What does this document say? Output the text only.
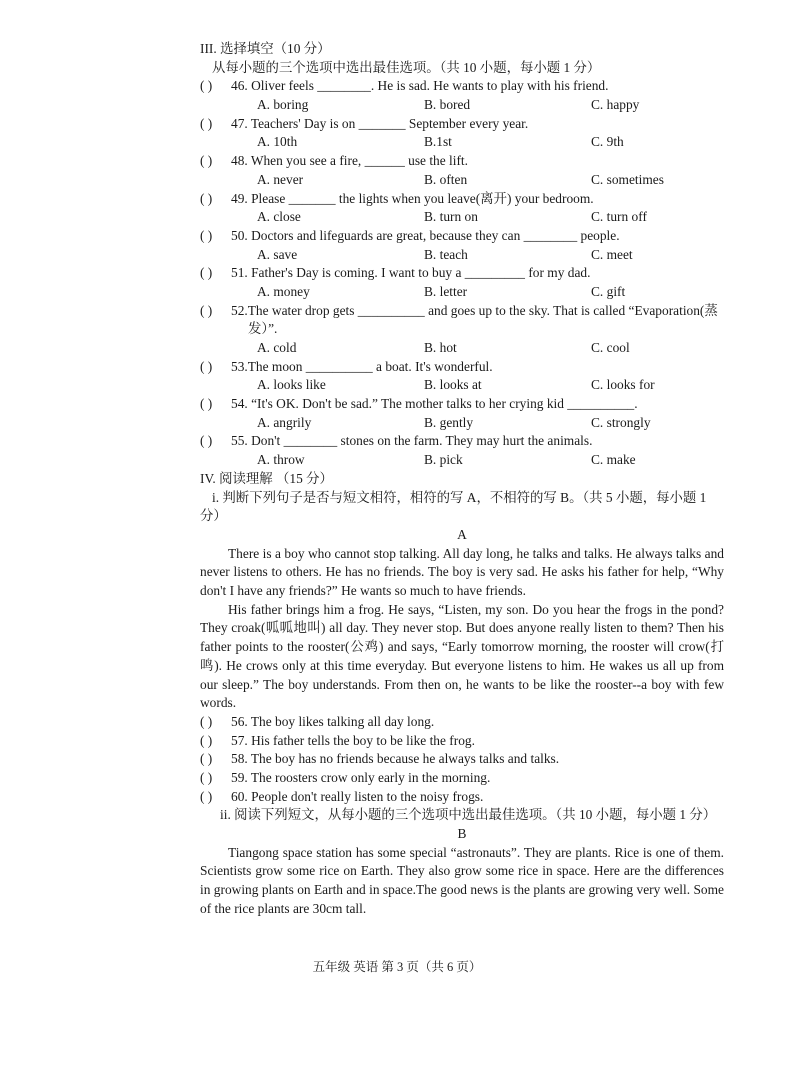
III. 选择填空（10 分）
从每小题的三个选项中选出最佳选项。（共 10 小题，每小题 1 分）
( ) 46. Oliver feels ________. He is sad. He wants to play with his friend.
A. boring	B. bored	C. happy
( ) 47. Teachers' Day is on _______ September every year.
A. 10th	B.1st	C. 9th
( ) 48. When you see a fire, ______ use the lift.
A. never	B. often	C. sometimes
( ) 49. Please _______ the lights when you leave(离开) your bedroom.
A. close	B. turn on	C. turn off
( ) 50. Doctors and lifeguards are great, because they can ________ people.
A. save	B. teach	C. meet
( ) 51. Father's Day is coming. I want to buy a _________ for my dad.
A. money	B. letter	C. gift
( ) 52.The water drop gets __________ and goes up to the sky. That is called “Evaporation(蒸
发）”.
A. cold	B. hot	C. cool
( ) 53.The moon __________ a boat. It's wonderful.
A. looks like	B. looks at	C. looks for
( ) 54. “It's OK. Don't be sad.” The mother talks to her crying kid __________.
A. angrily	B. gently	C. strongly
( ) 55. Don't ________ stones on the farm. They may hurt the animals.
A. throw	B. pick	C. make
IV. 阅读理解 （15 分）

i. 判断下列句子是否与短文相符，相符的写 A，不相符的写 B。（共 5 小题，每小题 1 分）

A

There is a boy who cannot stop talking. All day long, he talks and talks. He always talks and never listens to others. He has no friends. The boy is very sad. He asks his father for help, “Why don't I have any friends?” He wants so much to have friends.

His father brings him a frog. He says, “Listen, my son. Do you hear the frogs in the pond? They croak(呱呱地叫) all day. They never stop. But does anyone really listen to them? Then his father points to the rooster(公鸡) and says, “Early tomorrow morning, the rooster will crow(打鸣). He crows only at this time everyday. But everyone listens to him. He wakes us all up from our sleep.” The boy understands. From then on, he wants to be like the rooster--a boy with few words.

( ) 56. The boy likes talking all day long.
( ) 57. His father tells the boy to be like the frog.
( ) 58. The boy has no friends because he always talks and talks.
( ) 59. The roosters crow only early in the morning.
( ) 60. People don't really listen to the noisy frogs.

ii. 阅读下列短文，从每小题的三个选项中选出最佳选项。（共 10 小题，每小题 1 分）

B

Tiangong space station has some special “astronauts”. They are plants. Rice is one of them. Scientists grow some rice on Earth. They also grow some rice in space. Here are the differences in growing plants on Earth and in space.The good news is the plants are growing very well. Some of the rice plants are 30cm tall.

五年级 英语 第 3 页（共 6 页）
